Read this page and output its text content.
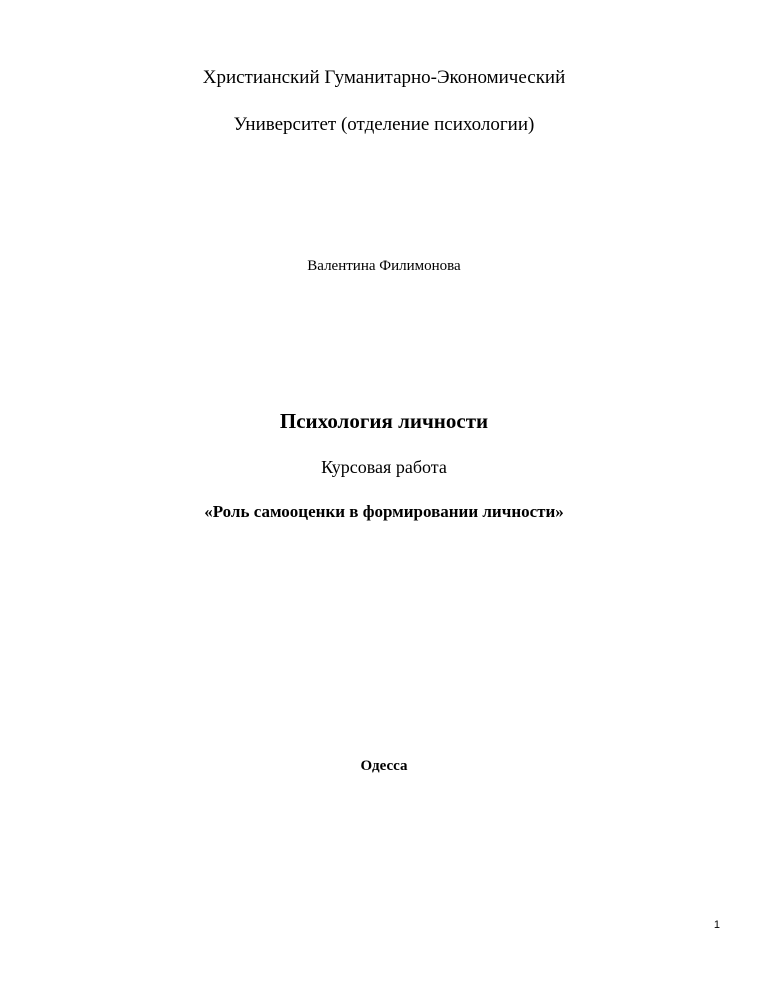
Христианский Гуманитарно-Экономический
Университет (отделение психологии)
Валентина Филимонова
Психология личности
Курсовая работа
«Роль самооценки в формировании личности»
Одесса
1
